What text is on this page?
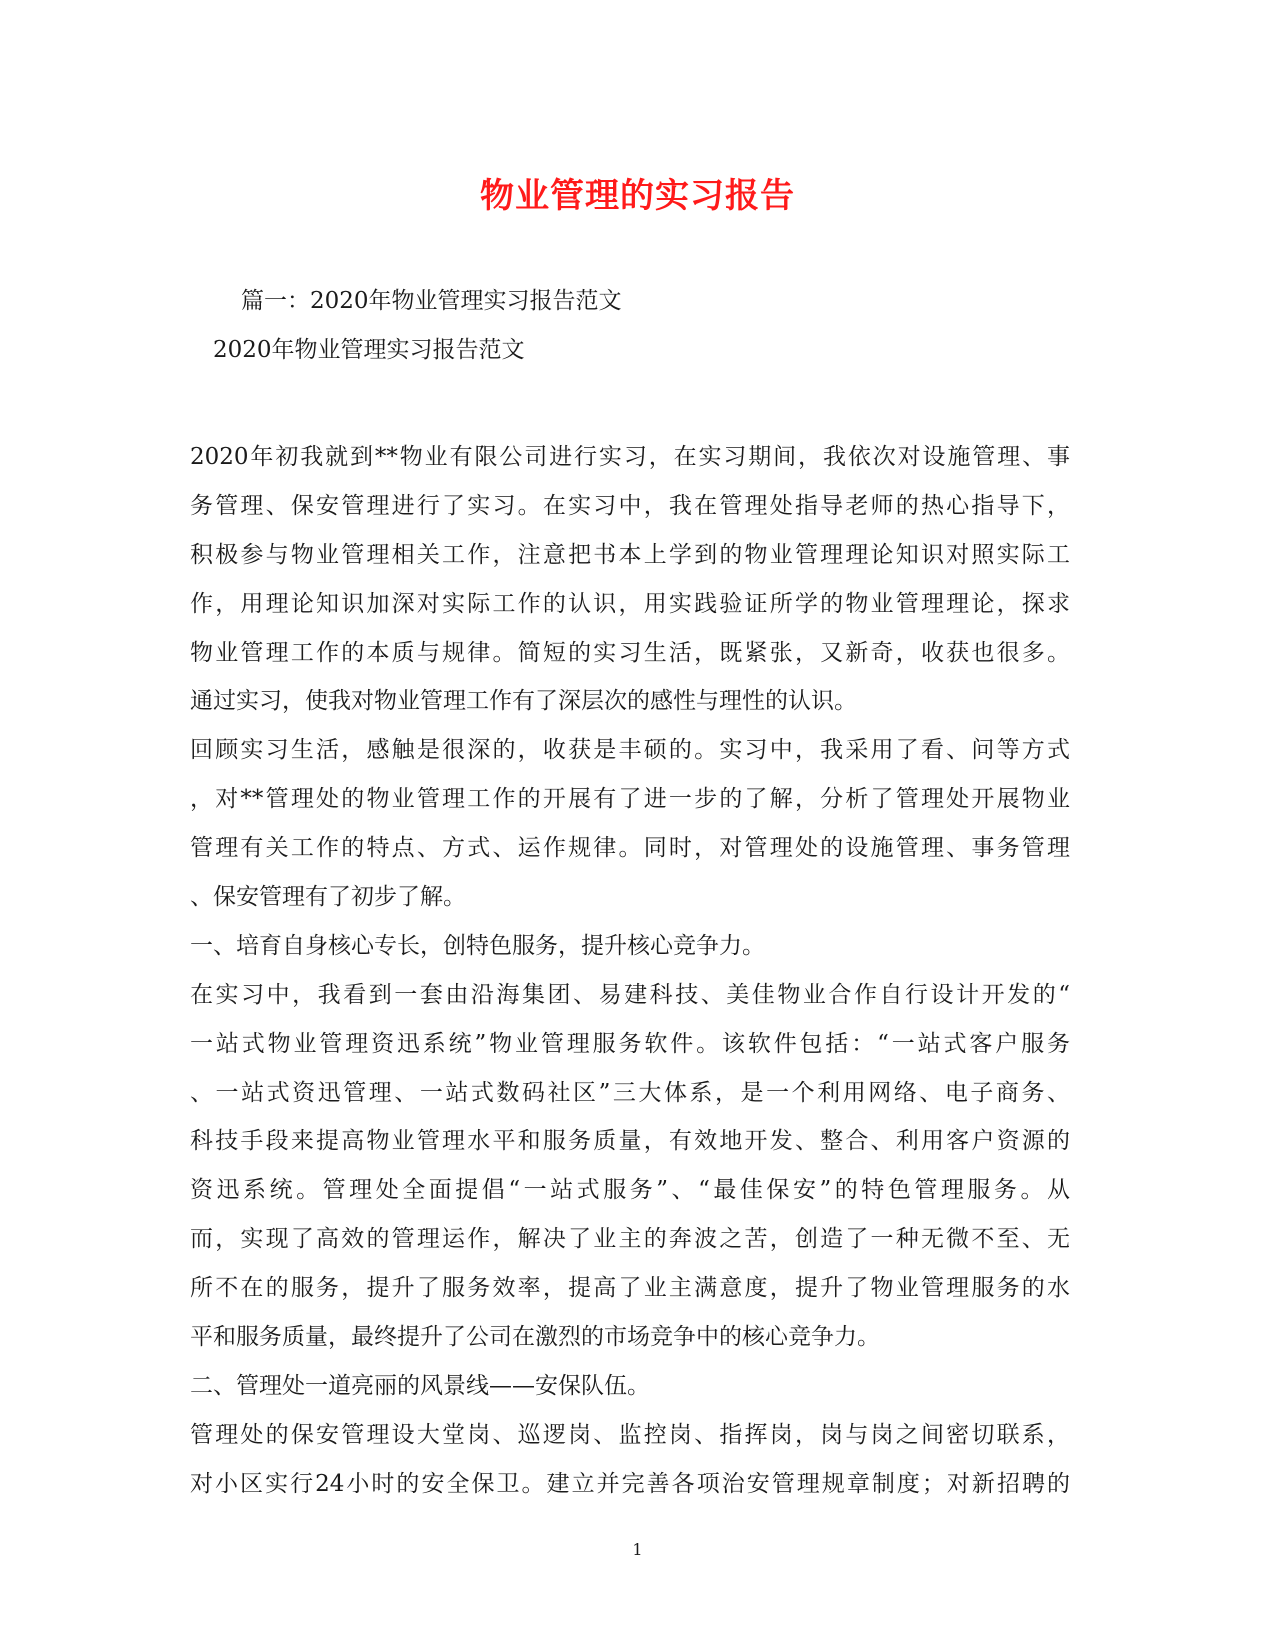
物业管理的实习报告
篇一：2020年物业管理实习报告范文
2020年物业管理实习报告范文
2020年初我就到**物业有限公司进行实习，在实习期间，我依次对设施管理、事
务管理、保安管理进行了实习。在实习中，我在管理处指导老师的热心指导下，
积极参与物业管理相关工作，注意把书本上学到的物业管理理论知识对照实际工
作，用理论知识加深对实际工作的认识，用实践验证所学的物业管理理论，探求
物业管理工作的本质与规律。简短的实习生活，既紧张，又新奇，收获也很多。
通过实习，使我对物业管理工作有了深层次的感性与理性的认识。
回顾实习生活，感触是很深的，收获是丰硕的。实习中，我采用了看、问等方式
，对**管理处的物业管理工作的开展有了进一步的了解，分析了管理处开展物业
管理有关工作的特点、方式、运作规律。同时，对管理处的设施管理、事务管理
、保安管理有了初步了解。
一、培育自身核心专长，创特色服务，提升核心竞争力。
在实习中，我看到一套由沿海集团、易建科技、美佳物业合作自行设计开发的“
一站式物业管理资迅系统”物业管理服务软件。该软件包括：“一站式客户服务
、一站式资迅管理、一站式数码社区”三大体系，是一个利用网络、电子商务、
科技手段来提高物业管理水平和服务质量，有效地开发、整合、利用客户资源的
资迅系统。管理处全面提倡“一站式服务”、“最佳保安”的特色管理服务。从
而，实现了高效的管理运作，解决了业主的奔波之苦，创造了一种无微不至、无
所不在的服务，提升了服务效率，提高了业主满意度，提升了物业管理服务的水
平和服务质量，最终提升了公司在激烈的市场竞争中的核心竞争力。
二、管理处一道亮丽的风景线——安保队伍。
管理处的保安管理设大堂岗、巡逻岗、监控岗、指挥岗，岗与岗之间密切联系，
对小区实行24小时的安全保卫。建立并完善各项治安管理规章制度；对新招聘的
1
